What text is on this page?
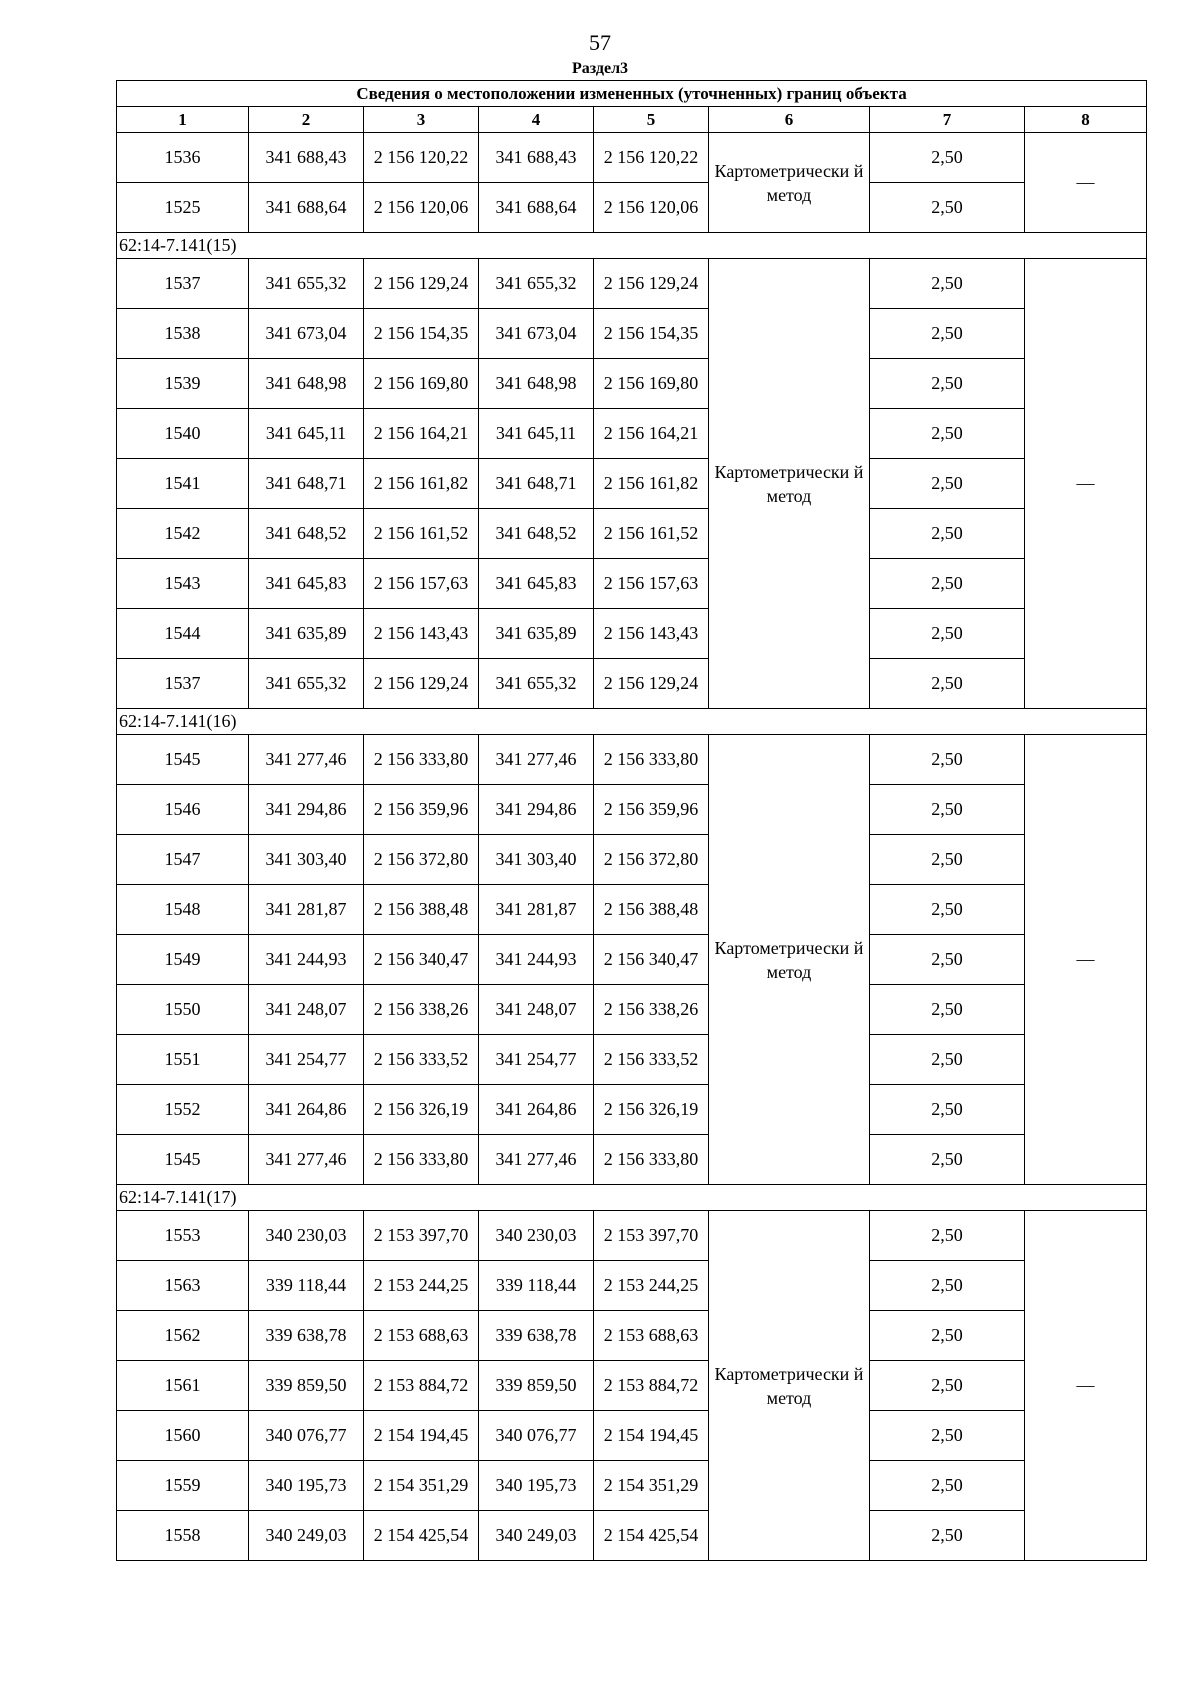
57
Раздел3
Сведения о местоположении измененных (уточненных) границ объекта							
1	2	3	4	5	6	7	8
1536	341 688,43	2 156 120,22	341 688,43	2 156 120,22	Картометрически й метод	2,50	—
1525	341 688,64	2 156 120,06	341 688,64	2 156 120,06		2,50	
62:14-7.141(15)							
1537	341 655,32	2 156 129,24	341 655,32	2 156 129,24	Картометрически й метод	2,50	—
1538	341 673,04	2 156 154,35	341 673,04	2 156 154,35		2,50	
1539	341 648,98	2 156 169,80	341 648,98	2 156 169,80		2,50	
1540	341 645,11	2 156 164,21	341 645,11	2 156 164,21		2,50	
1541	341 648,71	2 156 161,82	341 648,71	2 156 161,82		2,50	
1542	341 648,52	2 156 161,52	341 648,52	2 156 161,52		2,50	
1543	341 645,83	2 156 157,63	341 645,83	2 156 157,63		2,50	
1544	341 635,89	2 156 143,43	341 635,89	2 156 143,43		2,50	
1537	341 655,32	2 156 129,24	341 655,32	2 156 129,24		2,50	
62:14-7.141(16)							
1545	341 277,46	2 156 333,80	341 277,46	2 156 333,80	Картометрически й метод	2,50	—
1546	341 294,86	2 156 359,96	341 294,86	2 156 359,96		2,50	
1547	341 303,40	2 156 372,80	341 303,40	2 156 372,80		2,50	
1548	341 281,87	2 156 388,48	341 281,87	2 156 388,48		2,50	
1549	341 244,93	2 156 340,47	341 244,93	2 156 340,47		2,50	
1550	341 248,07	2 156 338,26	341 248,07	2 156 338,26		2,50	
1551	341 254,77	2 156 333,52	341 254,77	2 156 333,52		2,50	
1552	341 264,86	2 156 326,19	341 264,86	2 156 326,19		2,50	
1545	341 277,46	2 156 333,80	341 277,46	2 156 333,80		2,50	
62:14-7.141(17)							
1553	340 230,03	2 153 397,70	340 230,03	2 153 397,70	Картометрически й метод	2,50	—
1563	339 118,44	2 153 244,25	339 118,44	2 153 244,25		2,50	
1562	339 638,78	2 153 688,63	339 638,78	2 153 688,63		2,50	
1561	339 859,50	2 153 884,72	339 859,50	2 153 884,72		2,50	
1560	340 076,77	2 154 194,45	340 076,77	2 154 194,45		2,50	
1559	340 195,73	2 154 351,29	340 195,73	2 154 351,29		2,50	
1558	340 249,03	2 154 425,54	340 249,03	2 154 425,54		2,50	
